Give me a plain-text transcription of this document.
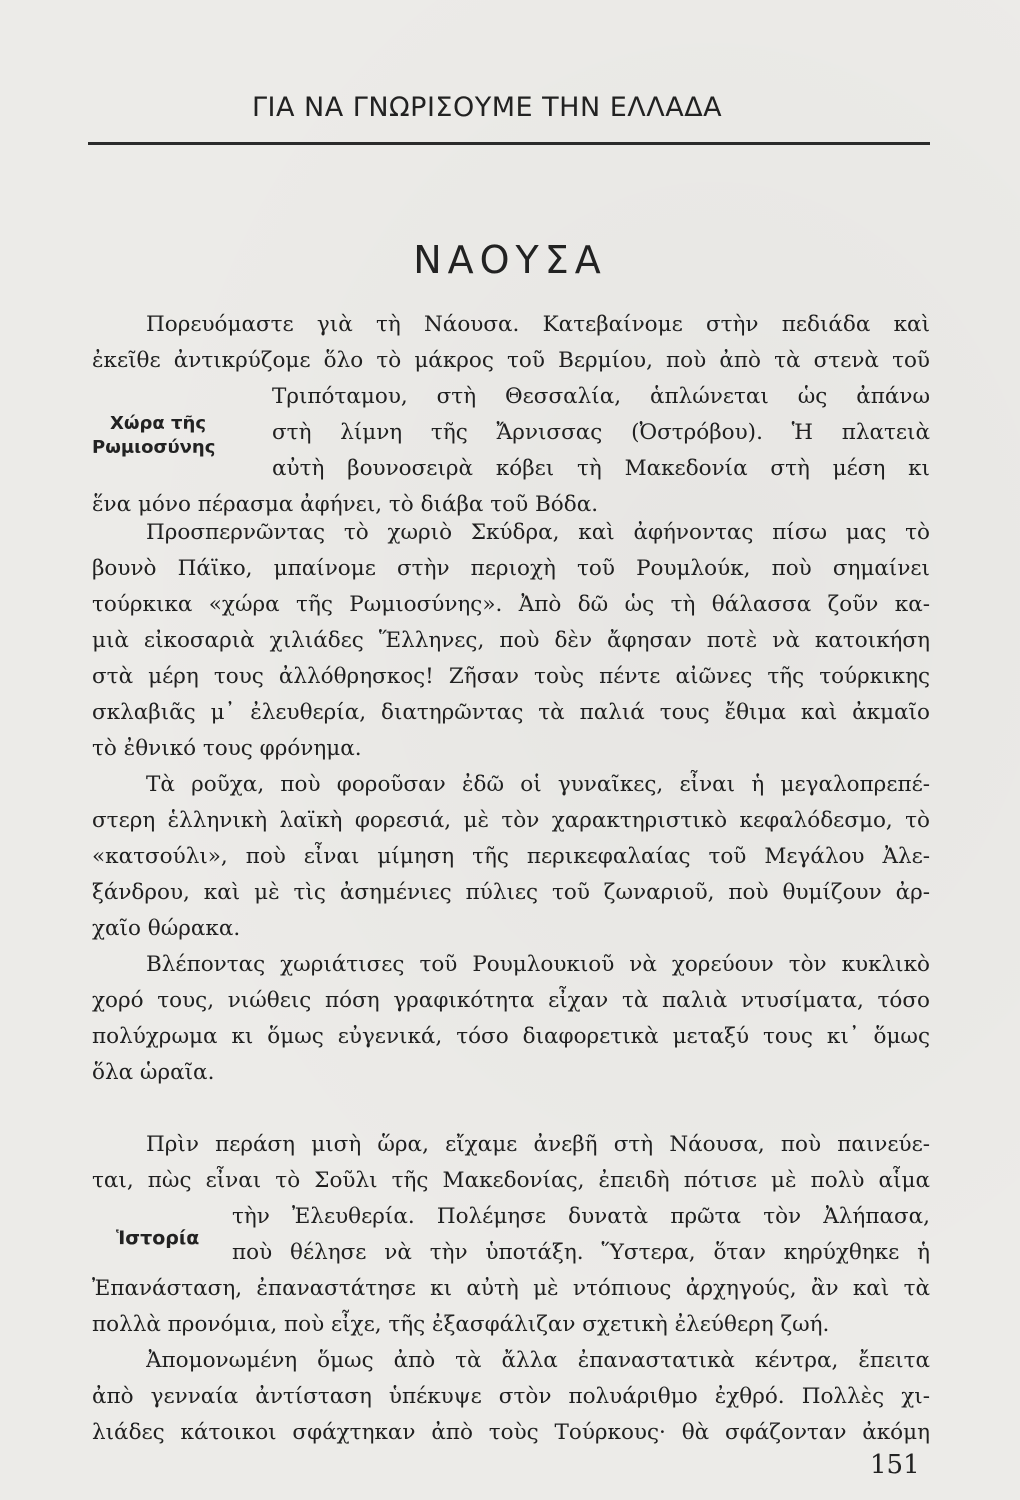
ΓΙΑ ΝΑ ΓΝΩΡΙΣΟΥΜΕ ΤΗΝ ΕΛΛΑΔΑ
ΝΑΟΥΣΑ
Πορευόμαστε γιὰ τὴ Νάουσα. Κατεβαίνομε στὴν πεδιάδα καὶ
ἐκεῖθε ἀντικρύζομε ὅλο τὸ μάκρος τοῦ Βερμίου, ποὺ ἀπὸ τὰ στενὰ τοῦ
Τριπόταμου, στὴ Θεσσαλία, ἁπλώνεται ὡς ἀπάνω
στὴ λίμνη τῆς Ἄρνισσας (Ὀστρόβου). Ἡ πλατειὰ
αὐτὴ βουνοσειρὰ κόβει τὴ Μακεδονία στὴ μέση κι
ἕνα μόνο πέρασμα ἀφήνει, τὸ διάβα τοῦ Βόδα.
Χώρα τῆς
Ρωμιοσύνης
Προσπερνῶντας τὸ χωριὸ Σκύδρα, καὶ ἀφήνοντας πίσω μας τὸ
βουνὸ Πάϊκο, μπαίνομε στὴν περιοχὴ τοῦ Ρουμλούκ, ποὺ σημαίνει
τούρκικα «χώρα τῆς Ρωμιοσύνης». Ἀπὸ δῶ ὡς τὴ θάλασσα ζοῦν κα-
μιὰ εἰκοσαριὰ χιλιάδες Ἕλληνες, ποὺ δὲν ἄφησαν ποτὲ νὰ κατοικήση
στὰ μέρη τους ἀλλόθρησκος! Ζῆσαν τοὺς πέντε αἰῶνες τῆς τούρκικης
σκλαβιᾶς μ᾿ ἐλευθερία, διατηρῶντας τὰ παλιά τους ἔθιμα καὶ ἀκμαῖο
τὸ ἐθνικό τους φρόνημα.
Τὰ ροῦχα, ποὺ φοροῦσαν ἐδῶ οἱ γυναῖκες, εἶναι ἡ μεγαλοπρεπέ-
στερη ἑλληνικὴ λαϊκὴ φορεσιά, μὲ τὸν χαρακτηριστικὸ κεφαλόδεσμο, τὸ
«κατσούλι», ποὺ εἶναι μίμηση τῆς περικεφαλαίας τοῦ Μεγάλου Ἀλε-
ξάνδρου, καὶ μὲ τὶς ἀσημένιες πύλιες τοῦ ζωναριοῦ, ποὺ θυμίζουν ἀρ-
χαῖο θώρακα.
Βλέποντας χωριάτισες τοῦ Ρουμλουκιοῦ νὰ χορεύουν τὸν κυκλικὸ
χορό τους, νιώθεις πόση γραφικότητα εἶχαν τὰ παλιὰ ντυσίματα, τόσο
πολύχρωμα κι ὅμως εὐγενικά, τόσο διαφορετικὰ μεταξύ τους κι᾿ ὅμως
ὅλα ὡραῖα.
Πρὶν περάση μισὴ ὥρα, εἴχαμε ἀνεβῆ στὴ Νάουσα, ποὺ παινεύε-
ται, πὼς εἶναι τὸ Σοῦλι τῆς Μακεδονίας, ἐπειδὴ πότισε μὲ πολὺ αἷμα
τὴν Ἐλευθερία. Πολέμησε δυνατὰ πρῶτα τὸν Ἀλήπασα,
ποὺ θέλησε νὰ τὴν ὑποτάξη. Ὕστερα, ὅταν κηρύχθηκε ἡ
Ἐπανάσταση, ἐπαναστάτησε κι αὐτὴ μὲ ντόπιους ἀρχηγούς, ἂν καὶ τὰ
πολλὰ προνόμια, ποὺ εἶχε, τῆς ἐξασφάλιζαν σχετικὴ ἐλεύθερη ζωή.
Ἱστορία
Ἀπομονωμένη ὅμως ἀπὸ τὰ ἄλλα ἐπαναστατικὰ κέντρα, ἔπειτα
ἀπὸ γενναία ἀντίσταση ὑπέκυψε στὸν πολυάριθμο ἐχθρό. Πολλὲς χι-
λιάδες κάτοικοι σφάχτηκαν ἀπὸ τοὺς Τούρκους· θὰ σφάζονταν ἀκόμη
151
